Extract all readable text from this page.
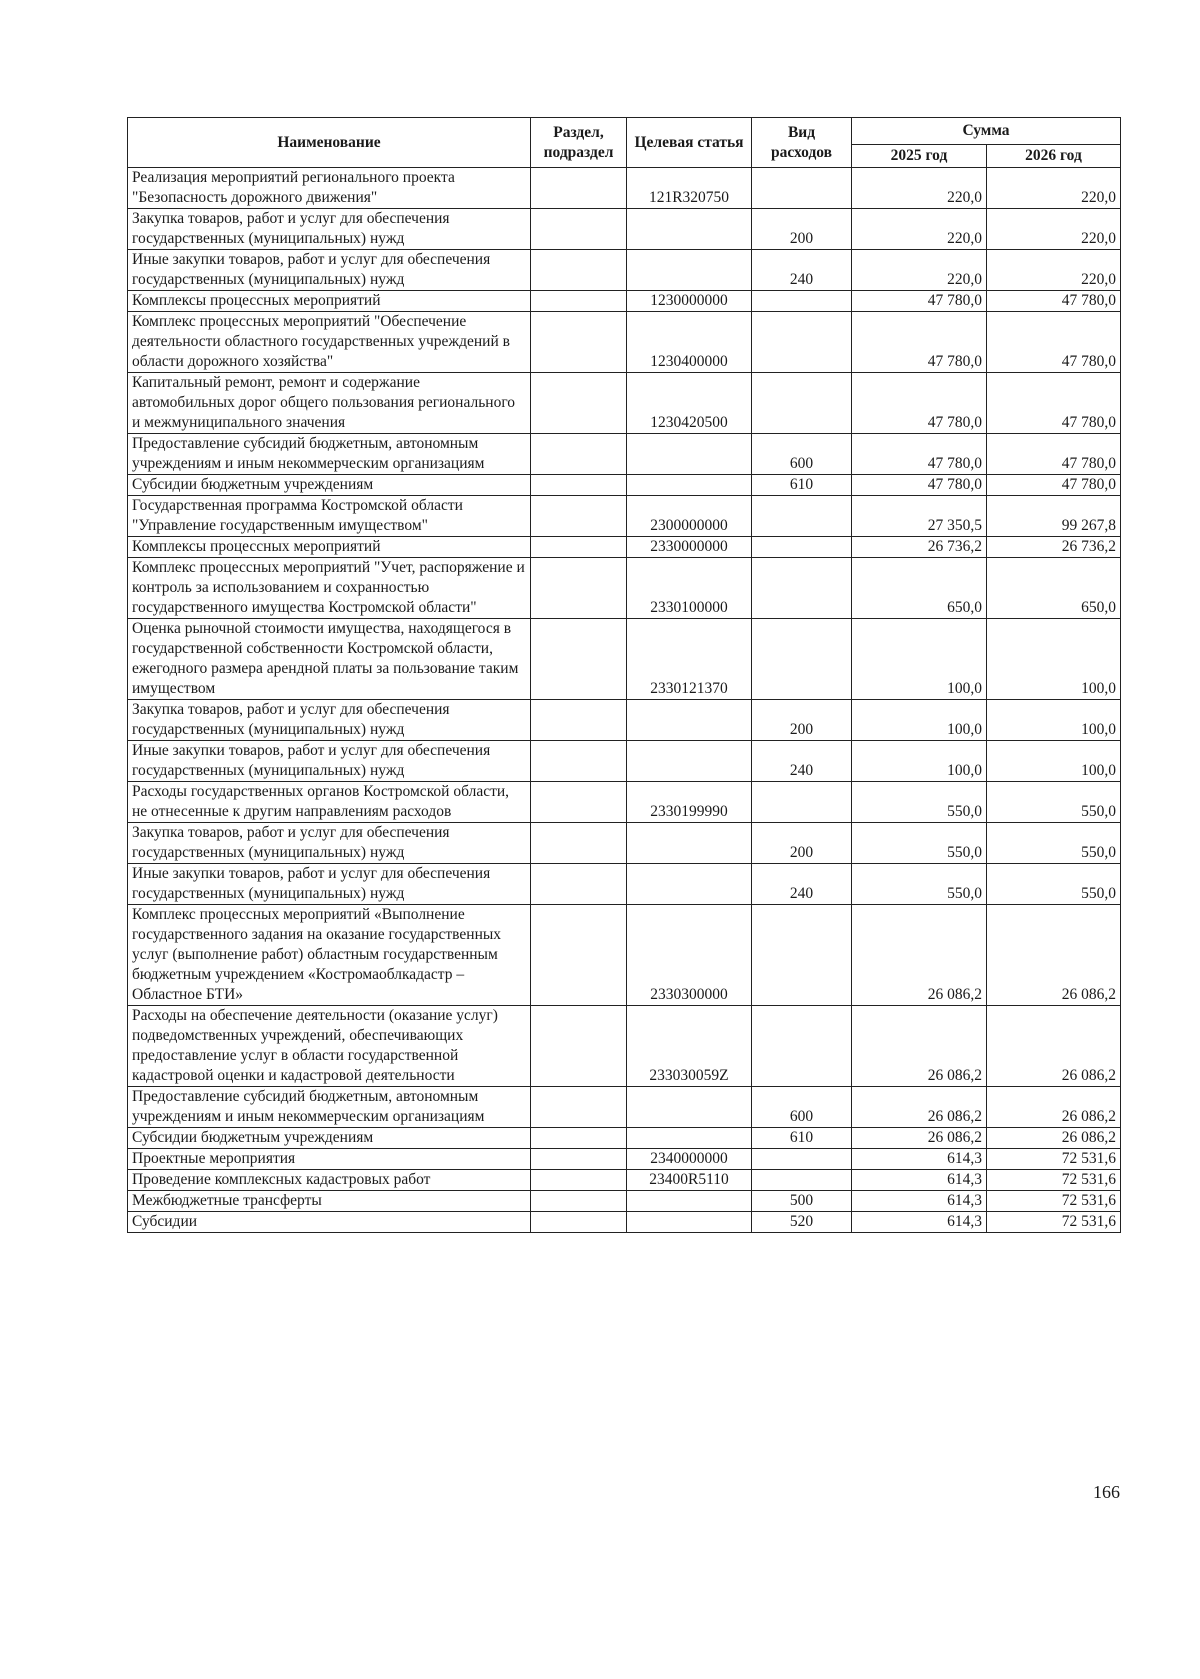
Наименование	Раздел, подраздел	Целевая статья	Вид расходов	Сумма	
				2025 год	2026 год
Реализация мероприятий регионального проекта "Безопасность дорожного движения"		121R320750		220,0	220,0
Закупка товаров, работ и услуг для обеспечения государственных (муниципальных) нужд			200	220,0	220,0
Иные закупки товаров, работ и услуг для обеспечения государственных (муниципальных) нужд			240	220,0	220,0
Комплексы процессных мероприятий		1230000000		47 780,0	47 780,0
Комплекс процессных мероприятий "Обеспечение деятельности областного государственных учреждений в области дорожного хозяйства"		1230400000		47 780,0	47 780,0
Капитальный ремонт, ремонт и содержание автомобильных дорог общего пользования регионального и межмуниципального значения		1230420500		47 780,0	47 780,0
Предоставление субсидий бюджетным, автономным учреждениям и иным некоммерческим организациям			600	47 780,0	47 780,0
Субсидии бюджетным учреждениям			610	47 780,0	47 780,0
Государственная программа Костромской области "Управление государственным имуществом"		2300000000		27 350,5	99 267,8
Комплексы процессных мероприятий		2330000000		26 736,2	26 736,2
Комплекс процессных мероприятий "Учет, распоряжение и контроль за использованием и сохранностью государственного имущества Костромской области"		2330100000		650,0	650,0
Оценка рыночной стоимости имущества, находящегося в государственной собственности Костромской области, ежегодного размера арендной платы за пользование таким имуществом		2330121370		100,0	100,0
Закупка товаров, работ и услуг для обеспечения государственных (муниципальных) нужд			200	100,0	100,0
Иные закупки товаров, работ и услуг для обеспечения государственных (муниципальных) нужд			240	100,0	100,0
Расходы государственных органов Костромской области, не отнесенные к другим направлениям расходов		2330199990		550,0	550,0
Закупка товаров, работ и услуг для обеспечения государственных (муниципальных) нужд			200	550,0	550,0
Иные закупки товаров, работ и услуг для обеспечения государственных (муниципальных) нужд			240	550,0	550,0
Комплекс процессных мероприятий «Выполнение государственного задания на оказание государственных услуг (выполнение работ) областным государственным бюджетным учреждением «Костромаоблкадастр – Областное БТИ»		2330300000		26 086,2	26 086,2
Расходы на обеспечение деятельности (оказание услуг) подведомственных учреждений, обеспечивающих предоставление услуг в области государственной кадастровой оценки и кадастровой деятельности		233030059Z		26 086,2	26 086,2
Предоставление субсидий бюджетным, автономным учреждениям и иным некоммерческим организациям			600	26 086,2	26 086,2
Субсидии бюджетным учреждениям			610	26 086,2	26 086,2
Проектные мероприятия		2340000000		614,3	72 531,6
Проведение комплексных кадастровых работ		23400R5110		614,3	72 531,6
Межбюджетные трансферты			500	614,3	72 531,6
Субсидии			520	614,3	72 531,6
166
